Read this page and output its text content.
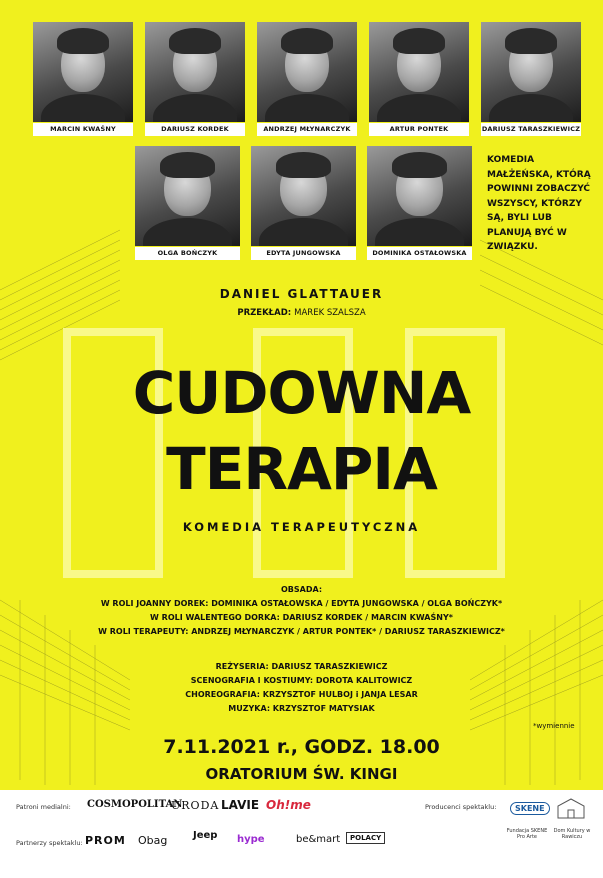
MARCIN KWAŚNY	DARIUSZ KORDEK	ANDRZEJ MŁYNARCZYK	ARTUR PONTEK	DARIUSZ TARASZKIEWICZ
OLGA BOŃCZYK	EDYTA JUNGOWSKA	DOMINIKA OSTAŁOWSKA
KOMEDIA MAŁŻEŃSKA, KTÓRĄ POWINNI ZOBACZYĆ WSZYSCY, KTÓRZY SĄ, BYLI LUB PLANUJĄ BYĆ W ZWIĄZKU.
DANIEL GLATTAUER
PRZEKŁAD: MAREK SZALSZA
CUDOWNA
TERAPIA
KOMEDIA TERAPEUTYCZNA
OBSADA:
W ROLI JOANNY DOREK: DOMINIKA OSTAŁOWSKA / EDYTA JUNGOWSKA / OLGA BOŃCZYK*
W ROLI WALENTEGO DORKA: DARIUSZ KORDEK / MARCIN KWAŚNY*
W ROLI TERAPEUTY: ANDRZEJ MŁYNARCZYK / ARTUR PONTEK* / DARIUSZ TARASZKIEWICZ*
REŻYSERIA: DARIUSZ TARASZKIEWICZ
SCENOGRAFIA I KOSTIUMY: DOROTA KALITOWICZ
CHOREOGRAFIA: KRZYSZTOF HULBOJ i JANJA LESAR
MUZYKA: KRZYSZTOF MATYSIAK
*wymiennie
7.11.2021 r., GODZ. 18.00
ORATORIUM ŚW. KINGI
Patroni medialni: COSMOPOLITAN
URODA LAVIE Oh!me	Producenci spektaklu:	SKENE
Fundacja SKENE Pro Arte
Dom Kultury w Rawiczu
Partnerzy spektaklu: PROM Obag	Jeep hype	be&mart	POLACY
